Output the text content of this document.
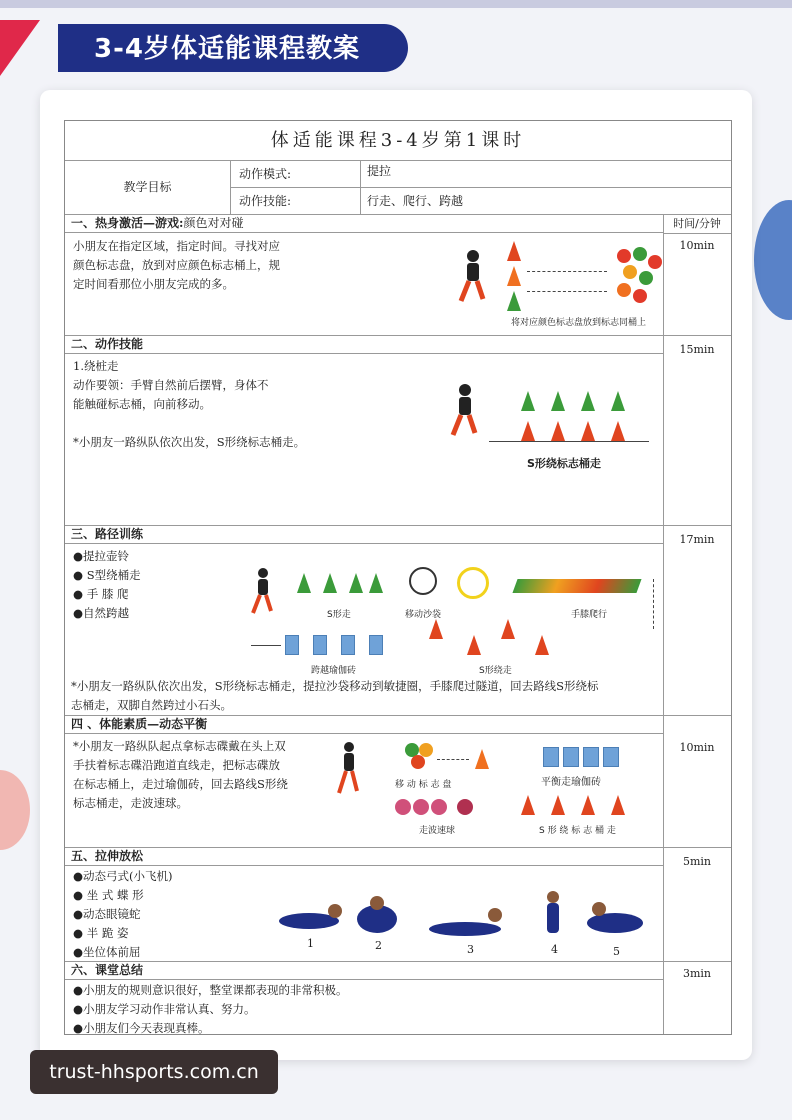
3-4岁体适能课程教案
体适能课程3-4岁第1课时
教学目标
动作模式:	提拉
动作技能:	行走、爬行、跨越
一、热身激活—游戏:颜色对对碰	时间/分钟
10min
小朋友在指定区域，指定时间。寻找对应
颜色标志盘，放到对应颜色标志桶上，规
定时间看那位小朋友完成的多。
将对应颜色标志盘放到标志同桶上
二、动作技能	15min
1.绕桩走
动作要领：手臂自然前后摆臂，身体不
能触碰标志桶，向前移动。
*小朋友一路纵队依次出发，S形绕标志桶走。
S形绕标志桶走
三、路径训练	17min
●提拉壶铃
● S型绕桶走
● 手 膝 爬
●自然跨越	S形走	移动沙袋	手膝爬行
跨越瑜伽砖	S形绕走
*小朋友一路纵队依次出发，S形绕标志桶走，提拉沙袋移动到敏捷圈，手膝爬过隧道，回去路线S形绕标
志桶走，双脚自然跨过小石头。
四 、体能素质—动态平衡
10min
*小朋友一路纵队起点拿标志碟戴在头上双
手扶着标志碟沿跑道直线走，把标志碟放
在标志桶上，走过瑜伽砖，回去路线S形绕
标志桶走，走波速球。
移 动 标 志 盘	平衡走瑜伽砖
走波速球	S 形 绕 标 志 桶 走
五、拉伸放松	5min
●动态弓式(小飞机)
● 坐 式 蝶 形
●动态眼镜蛇
● 半 跪 姿
●坐位体前屈
1	2	3	4	5
六、课堂总结	3min
●小朋友的规则意识很好，整堂课都表现的非常积极。
●小朋友学习动作非常认真、努力。
●小朋友们今天表现真棒。
trust-hhsports.com.cn
